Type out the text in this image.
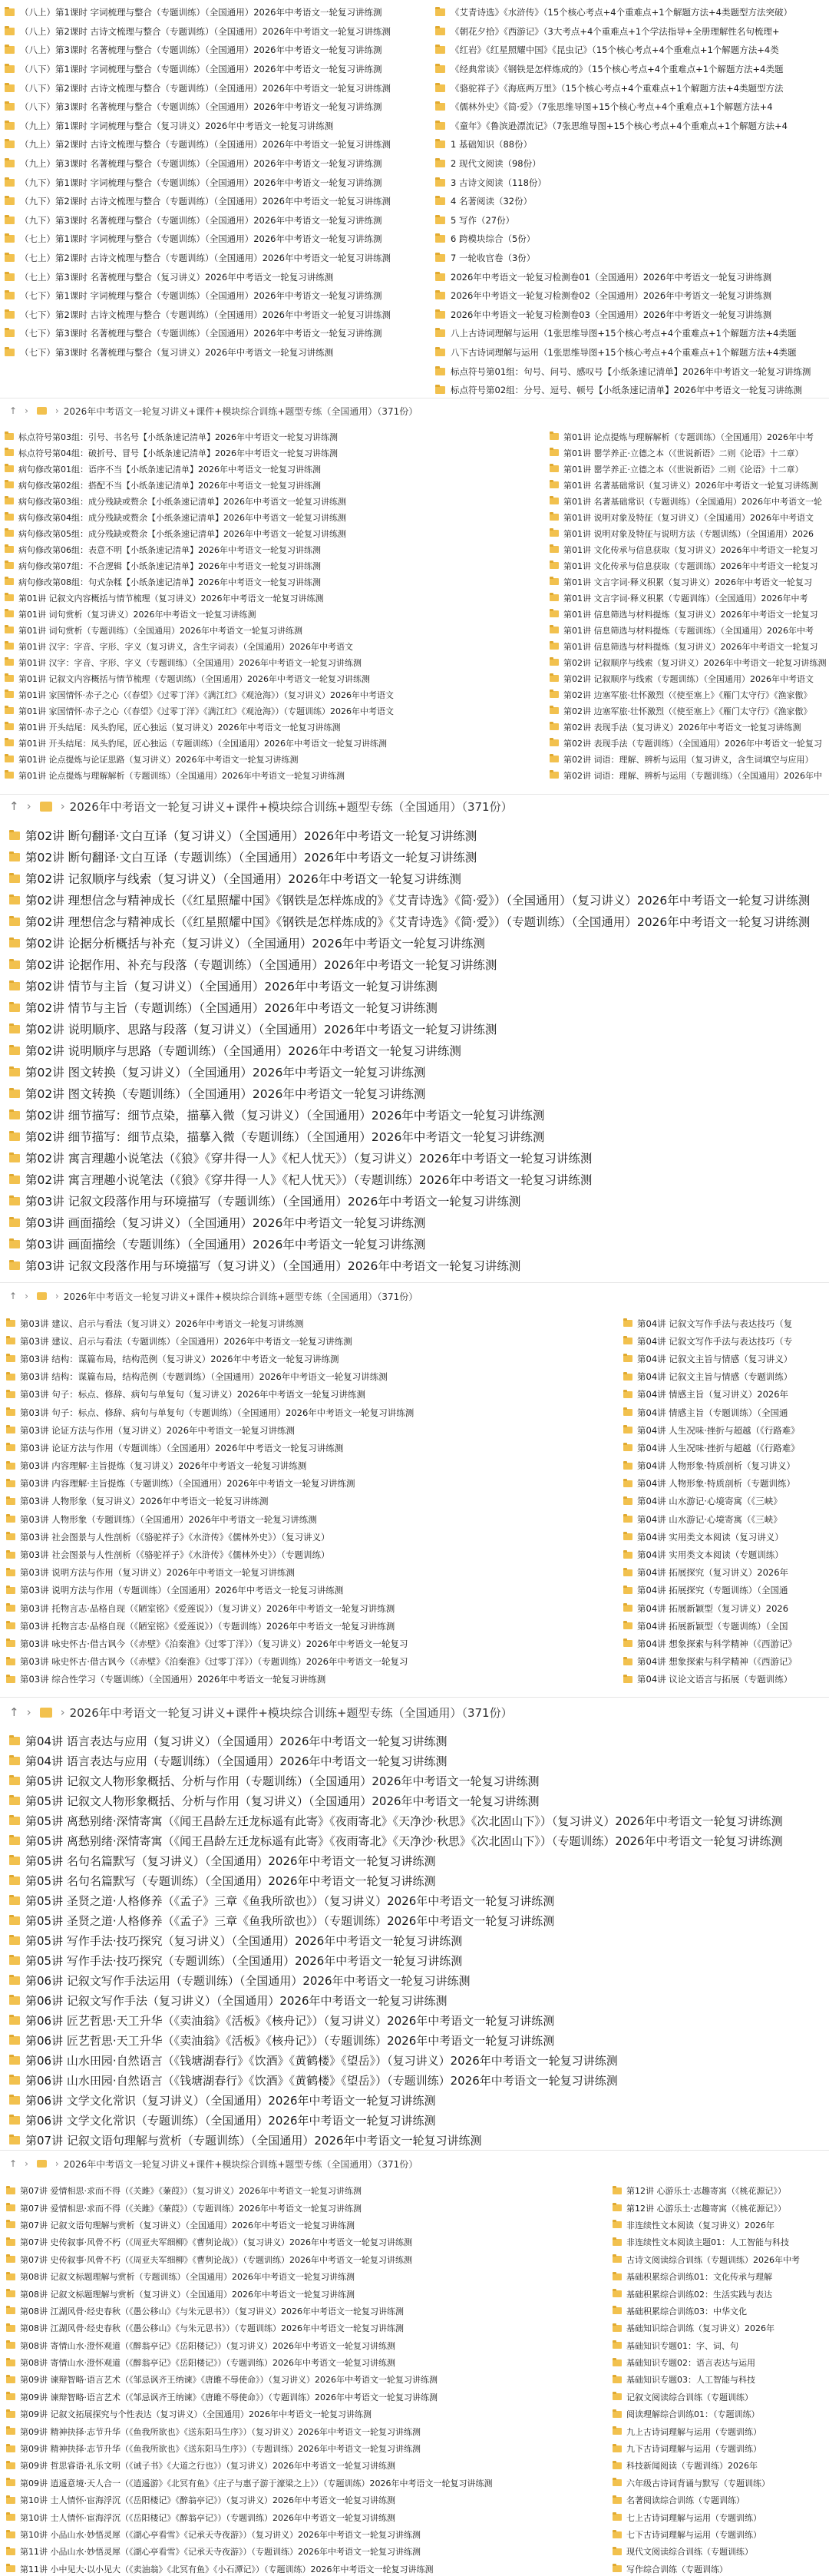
（八上）第1课时 字词梳理与整合（专题训练）（全国通用）2026年中考语文一轮复习讲练测
（八上）第2课时 古诗文梳理与整合（专题训练）（全国通用）2026年中考语文一轮复习讲练测
（八上）第3课时 名著梳理与整合（专题训练）（全国通用）2026年中考语文一轮复习讲练测
（八下）第1课时 字词梳理与整合（专题训练）（全国通用）2026年中考语文一轮复习讲练测
（八下）第2课时 古诗文梳理与整合（专题训练）（全国通用）2026年中考语文一轮复习讲练测
（八下）第3课时 名著梳理与整合（专题训练）（全国通用）2026年中考语文一轮复习讲练测
（九上）第1课时 字词梳理与整合（复习讲义）2026年中考语文一轮复习讲练测
（九上）第2课时 古诗文梳理与整合（专题训练）（全国通用）2026年中考语文一轮复习讲练测
（九上）第3课时 名著梳理与整合（专题训练）（全国通用）2026年中考语文一轮复习讲练测
（九下）第1课时 字词梳理与整合（专题训练）（全国通用）2026年中考语文一轮复习讲练测
（九下）第2课时 古诗文梳理与整合（专题训练）（全国通用）2026年中考语文一轮复习讲练测
（九下）第3课时 名著梳理与整合（专题训练）（全国通用）2026年中考语文一轮复习讲练测
（七上）第1课时 字词梳理与整合（专题训练）（全国通用）2026年中考语文一轮复习讲练测
（七上）第2课时 古诗文梳理与整合（专题训练）（全国通用）2026年中考语文一轮复习讲练测
（七上）第3课时 名著梳理与整合（复习讲义）2026年中考语文一轮复习讲练测
（七下）第1课时 字词梳理与整合（专题训练）（全国通用）2026年中考语文一轮复习讲练测
（七下）第2课时 古诗文梳理与整合（专题训练）（全国通用）2026年中考语文一轮复习讲练测
（七下）第3课时 名著梳理与整合（专题训练）（全国通用）2026年中考语文一轮复习讲练测
（七下）第3课时 名著梳理与整合（复习讲义）2026年中考语文一轮复习讲练测
《艾青诗选》《水浒传》（15个核心考点+4个重难点+1个解题方法+4类题型方法突破）
《朝花夕拾》《西游记》（3大考点+4个重难点+1个学法指导+全册理解性名句梳理+
《红岩》《红星照耀中国》《昆虫记》（15个核心考点+4个重难点+1个解题方法+4类
《经典常谈》《钢铁是怎样炼成的》（15个核心考点+4个重难点+1个解题方法+4类题
《骆驼祥子》《海底两万里》（15个核心考点+4个重难点+1个解题方法+4类题型方法
《儒林外史》《简·爱》（7张思维导图+15个核心考点+4个重难点+1个解题方法+4
《童年》《鲁滨逊漂流记》（7张思维导图+15个核心考点+4个重难点+1个解题方法+4
1 基础知识（88份）
2 现代文阅读（98份）
3 古诗文阅读（118份）
4 名著阅读（32份）
5 写作（27份）
6 跨模块综合（5份）
7 一轮收官卷（3份）
2026年中考语文一轮复习检测卷01（全国通用）2026年中考语文一轮复习讲练测
2026年中考语文一轮复习检测卷02（全国通用）2026年中考语文一轮复习讲练测
2026年中考语文一轮复习检测卷03（全国通用）2026年中考语文一轮复习讲练测
八上古诗词理解与运用（1张思维导图+15个核心考点+4个重难点+1个解题方法+4类题
八下古诗词理解与运用（1张思维导图+15个核心考点+4个重难点+1个解题方法+4类题
标点符号第01组：句号、问号、感叹号【小纸条速记清单】2026年中考语文一轮复习讲练测
标点符号第02组：分号、逗号、顿号【小纸条速记清单】2026年中考语文一轮复习讲练测
↑ ›	› 2026年中考语文一轮复习讲义+课件+模块综合训练+题型专练（全国通用）（371份）
标点符号第03组：引号、书名号【小纸条速记清单】2026年中考语文一轮复习讲练测
标点符号第04组：破折号、冒号【小纸条速记清单】2026年中考语文一轮复习讲练测
病句修改第01组：语序不当【小纸条速记清单】2026年中考语文一轮复习讲练测
病句修改第02组：搭配不当【小纸条速记清单】2026年中考语文一轮复习讲练测
病句修改第03组：成分残缺或赘余【小纸条速记清单】2026年中考语文一轮复习讲练测
病句修改第04组：成分残缺或赘余【小纸条速记清单】2026年中考语文一轮复习讲练测
病句修改第05组：成分残缺或赘余【小纸条速记清单】2026年中考语文一轮复习讲练测
病句修改第06组：表意不明【小纸条速记清单】2026年中考语文一轮复习讲练测
病句修改第07组：不合逻辑【小纸条速记清单】2026年中考语文一轮复习讲练测
病句修改第08组：句式杂糅【小纸条速记清单】2026年中考语文一轮复习讲练测
第01讲 记叙文内容概括与情节梳理（复习讲义）2026年中考语文一轮复习讲练测
第01讲 词句赏析（复习讲义）2026年中考语文一轮复习讲练测
第01讲 词句赏析（专题训练）（全国通用）2026年中考语文一轮复习讲练测
第01讲 汉字：字音、字形、字义（复习讲义，含生字词表）（全国通用）2026年中考语文
第01讲 汉字：字音、字形、字义（专题训练）（全国通用）2026年中考语文一轮复习讲练测
第01讲 记叙文内容概括与情节梳理（专题训练）（全国通用）2026年中考语文一轮复习讲练测
第01讲 家国情怀·赤子之心（《春望》《过零丁洋》《满江红》《观沧海》）（复习讲义）2026年中考语文
第01讲 家国情怀·赤子之心（《春望》《过零丁洋》《满江红》《观沧海》）（专题训练）2026年中考语文
第01讲 开头结尾：凤头豹尾，匠心独运（复习讲义）2026年中考语文一轮复习讲练测
第01讲 开头结尾：凤头豹尾，匠心独运（专题训练）（全国通用）2026年中考语文一轮复习讲练测
第01讲 论点提炼与论证思路（复习讲义）2026年中考语文一轮复习讲练测
第01讲 论点提炼与理解解析（专题训练）（全国通用）2026年中考语文一轮复习讲练测
第01讲 论点提炼与理解解析（专题训练）（全国通用）2026年中考
第01讲 罂学养正·立德之本（《世说新语》二则《论语》十二章）
第01讲 罂学养正·立德之本（《世说新语》二则《论语》十二章）
第01讲 名著基础常识（复习讲义）2026年中考语文一轮复习讲练测
第01讲 名著基础常识（专题训练）（全国通用）2026年中考语文一轮
第01讲 说明对象及特征（复习讲义）（全国通用）2026年中考语文
第01讲 说明对象及特征与说明方法（专题训练）（全国通用）2026
第01讲 文化传承与信息获取（复习讲义）2026年中考语文一轮复习
第01讲 文化传承与信息获取（专题训练）2026年中考语文一轮复习
第01讲 文言字词·释义积累（复习讲义）2026年中考语文一轮复习
第01讲 文言字词·释义积累（专题训练）（全国通用）2026年中考
第01讲 信息筛选与材料提炼（复习讲义）2026年中考语文一轮复习
第01讲 信息筛选与材料提炼（专题训练）（全国通用）2026年中考
第01讲 信息筛选与材料提炼（复习讲义）2026年中考语文一轮复习
第02讲 记叙顺序与线索（复习讲义）2026年中考语文一轮复习讲练测
第02讲 记叙顺序与线索（专题训练）（全国通用）2026年中考语文
第02讲 边塞军旅·壮怀激烈（《使至塞上》《雁门太守行》《渔家傲》
第02讲 边塞军旅·壮怀激烈（《使至塞上》《雁门太守行》《渔家傲》
第02讲 表现手法（复习讲义）2026年中考语文一轮复习讲练测
第02讲 表现手法（专题训练）（全国通用）2026年中考语文一轮复习
第02讲 词语：理解、辨析与运用（复习讲义，含生词填空与应用）
第02讲 词语：理解、辨析与运用（专题训练）（全国通用）2026年中
↑ ›	› 2026年中考语文一轮复习讲义+课件+模块综合训练+题型专练（全国通用）（371份）
第02讲 断句翻译·文白互译（复习讲义）（全国通用）2026年中考语文一轮复习讲练测
第02讲 断句翻译·文白互译（专题训练）（全国通用）2026年中考语文一轮复习讲练测
第02讲 记叙顺序与线索（复习讲义）（全国通用）2026年中考语文一轮复习讲练测
第02讲 理想信念与精神成长（《红星照耀中国》《钢铁是怎样炼成的》《艾青诗选》《简·爱》）（全国通用）（复习讲义）2026年中考语文一轮复习讲练测
第02讲 理想信念与精神成长（《红星照耀中国》《钢铁是怎样炼成的》《艾青诗选》《简·爱》）（专题训练）（全国通用）2026年中考语文一轮复习讲练测
第02讲 论据分析概括与补充（复习讲义）（全国通用）2026年中考语文一轮复习讲练测
第02讲 论据作用、补充与段落（专题训练）（全国通用）2026年中考语文一轮复习讲练测
第02讲 情节与主旨（复习讲义）（全国通用）2026年中考语文一轮复习讲练测
第02讲 情节与主旨（专题训练）（全国通用）2026年中考语文一轮复习讲练测
第02讲 说明顺序、思路与段落（复习讲义）（全国通用）2026年中考语文一轮复习讲练测
第02讲 说明顺序与思路（专题训练）（全国通用）2026年中考语文一轮复习讲练测
第02讲 图文转换（复习讲义）（全国通用）2026年中考语文一轮复习讲练测
第02讲 图文转换（专题训练）（全国通用）2026年中考语文一轮复习讲练测
第02讲 细节描写：细节点染，描摹入微（复习讲义）（全国通用）2026年中考语文一轮复习讲练测
第02讲 细节描写：细节点染，描摹入微（专题训练）（全国通用）2026年中考语文一轮复习讲练测
第02讲 寓言理趣小说笔法（《狼》《穿井得一人》《杞人忧天》）（复习讲义）2026年中考语文一轮复习讲练测
第02讲 寓言理趣小说笔法（《狼》《穿井得一人》《杞人忧天》）（专题训练）2026年中考语文一轮复习讲练测
第03讲 记叙文段落作用与环境描写（专题训练）（全国通用）2026年中考语文一轮复习讲练测
第03讲 画面描绘（复习讲义）（全国通用）2026年中考语文一轮复习讲练测
第03讲 画面描绘（专题训练）（全国通用）2026年中考语文一轮复习讲练测
第03讲 记叙文段落作用与环境描写（复习讲义）（全国通用）2026年中考语文一轮复习讲练测
↑ ›	› 2026年中考语文一轮复习讲义+课件+模块综合训练+题型专练（全国通用）（371份）
第03讲 建议、启示与看法（复习讲义）2026年中考语文一轮复习讲练测
第03讲 建议、启示与看法（专题训练）（全国通用）2026年中考语文一轮复习讲练测
第03讲 结构：谋篇布局，结构范例（复习讲义）2026年中考语文一轮复习讲练测
第03讲 结构：谋篇布局，结构范例（专题训练）（全国通用）2026年中考语文一轮复习讲练测
第03讲 句子：标点、修辞、病句与单复句（复习讲义）2026年中考语文一轮复习讲练测
第03讲 句子：标点、修辞、病句与单复句（专题训练）（全国通用）2026年中考语文一轮复习讲练测
第03讲 论证方法与作用（复习讲义）2026年中考语文一轮复习讲练测
第03讲 论证方法与作用（专题训练）（全国通用）2026年中考语文一轮复习讲练测
第03讲 内容理解·主旨提炼（复习讲义）2026年中考语文一轮复习讲练测
第03讲 内容理解·主旨提炼（专题训练）（全国通用）2026年中考语文一轮复习讲练测
第03讲 人物形象（复习讲义）2026年中考语文一轮复习讲练测
第03讲 人物形象（专题训练）（全国通用）2026年中考语文一轮复习讲练测
第03讲 社会图景与人性剖析（《骆驼祥子》《水浒传》《儒林外史》）（复习讲义）
第03讲 社会图景与人性剖析（《骆驼祥子》《水浒传》《儒林外史》）（专题训练）
第03讲 说明方法与作用（复习讲义）2026年中考语文一轮复习讲练测
第03讲 说明方法与作用（专题训练）（全国通用）2026年中考语文一轮复习讲练测
第03讲 托物言志·品格自现（《陋室铭》《爱莲说》）（复习讲义）2026年中考语文一轮复习讲练测
第03讲 托物言志·品格自现（《陋室铭》《爱莲说》）（专题训练）2026年中考语文一轮复习讲练测
第03讲 咏史怀古·借古讽今（《赤壁》《泊秦淮》《过零丁洋》）（复习讲义）2026年中考语文一轮复习
第03讲 咏史怀古·借古讽今（《赤壁》《泊秦淮》《过零丁洋》）（专题训练）2026年中考语文一轮复习
第03讲 综合性学习（专题训练）（全国通用）2026年中考语文一轮复习讲练测
第04讲 记叙文写作手法与表达技巧（复
第04讲 记叙文写作手法与表达技巧（专
第04讲 记叙文主旨与情感（复习讲义）
第04讲 记叙文主旨与情感（专题训练）
第04讲 情感主旨（复习讲义）2026年
第04讲 情感主旨（专题训练）（全国通
第04讲 人生况味·挫折与超越（《行路难》
第04讲 人生况味·挫折与超越（《行路难》
第04讲 人物形象·特质剖析（复习讲义）
第04讲 人物形象·特质剖析（专题训练）
第04讲 山水游记·心境寄寓（《三峡》
第04讲 山水游记·心境寄寓（《三峡》
第04讲 实用类文本阅读（复习讲义）
第04讲 实用类文本阅读（专题训练）
第04讲 拓展探究（复习讲义）2026年
第04讲 拓展探究（专题训练）（全国通
第04讲 拓展新颖型（复习讲义）2026
第04讲 拓展新颖型（专题训练）（全国
第04讲 想象探索与科学精神（《西游记》
第04讲 想象探索与科学精神（《西游记》
第04讲 议论文语言与拓展（专题训练）
↑ ›	› 2026年中考语文一轮复习讲义+课件+模块综合训练+题型专练（全国通用）（371份）
第04讲 语言表达与应用（复习讲义）（全国通用）2026年中考语文一轮复习讲练测
第04讲 语言表达与应用（专题训练）（全国通用）2026年中考语文一轮复习讲练测
第05讲 记叙文人物形象概括、分析与作用（专题训练）（全国通用）2026年中考语文一轮复习讲练测
第05讲 记叙文人物形象概括、分析与作用（复习讲义）（全国通用）2026年中考语文一轮复习讲练测
第05讲 离愁别绪·深情寄寓（《闻王昌龄左迁龙标遥有此寄》《夜雨寄北》《天净沙·秋思》《次北固山下》）（复习讲义）2026年中考语文一轮复习讲练测
第05讲 离愁别绪·深情寄寓（《闻王昌龄左迁龙标遥有此寄》《夜雨寄北》《天净沙·秋思》《次北固山下》）（专题训练）2026年中考语文一轮复习讲练测
第05讲 名句名篇默写（复习讲义）（全国通用）2026年中考语文一轮复习讲练测
第05讲 名句名篇默写（专题训练）（全国通用）2026年中考语文一轮复习讲练测
第05讲 圣贤之道·人格修养（《孟子》三章《鱼我所欲也》）（复习讲义）2026年中考语文一轮复习讲练测
第05讲 圣贤之道·人格修养（《孟子》三章《鱼我所欲也》）（专题训练）2026年中考语文一轮复习讲练测
第05讲 写作手法·技巧探究（复习讲义）（全国通用）2026年中考语文一轮复习讲练测
第05讲 写作手法·技巧探究（专题训练）（全国通用）2026年中考语文一轮复习讲练测
第06讲 记叙文写作手法运用（专题训练）（全国通用）2026年中考语文一轮复习讲练测
第06讲 记叙文写作手法（复习讲义）（全国通用）2026年中考语文一轮复习讲练测
第06讲 匠艺哲思·天工升华（《卖油翁》《活板》《核舟记》）（复习讲义）2026年中考语文一轮复习讲练测
第06讲 匠艺哲思·天工升华（《卖油翁》《活板》《核舟记》）（专题训练）2026年中考语文一轮复习讲练测
第06讲 山水田园·自然语言（《钱塘湖春行》《饮酒》《黄鹤楼》《望岳》）（复习讲义）2026年中考语文一轮复习讲练测
第06讲 山水田园·自然语言（《钱塘湖春行》《饮酒》《黄鹤楼》《望岳》）（专题训练）2026年中考语文一轮复习讲练测
第06讲 文学文化常识（复习讲义）（全国通用）2026年中考语文一轮复习讲练测
第06讲 文学文化常识（专题训练）（全国通用）2026年中考语文一轮复习讲练测
第07讲 记叙文语句理解与赏析（专题训练）（全国通用）2026年中考语文一轮复习讲练测
↑ ›	› 2026年中考语文一轮复习讲义+课件+模块综合训练+题型专练（全国通用）（371份）
第07讲 爱情相思·求而不得（《关雎》《蒹葭》）（复习讲义）2026年中考语文一轮复习讲练测
第07讲 爱情相思·求而不得（《关雎》《蒹葭》）（专题训练）2026年中考语文一轮复习讲练测
第07讲 记叙文语句理解与赏析（复习讲义）（全国通用）2026年中考语文一轮复习讲练测
第07讲 史传叙事·风骨不朽（《周亚夫军细柳》《曹刿论战》）（复习讲义）2026年中考语文一轮复习讲练测
第07讲 史传叙事·风骨不朽（《周亚夫军细柳》《曹刿论战》）（专题训练）2026年中考语文一轮复习讲练测
第08讲 记叙文标题理解与赏析（专题训练）（全国通用）2026年中考语文一轮复习讲练测
第08讲 记叙文标题理解与赏析（复习讲义）（全国通用）2026年中考语文一轮复习讲练测
第08讲 江湖风骨·经史春秋（《愚公移山》《与朱元思书》）（复习讲义）2026年中考语文一轮复习讲练测
第08讲 江湖风骨·经史春秋（《愚公移山》《与朱元思书》）（专题训练）2026年中考语文一轮复习讲练测
第08讲 寄情山水·澄怀观道（《醉翁亭记》《岳阳楼记》）（复习讲义）2026年中考语文一轮复习讲练测
第08讲 寄情山水·澄怀观道（《醉翁亭记》《岳阳楼记》）（专题训练）2026年中考语文一轮复习讲练测
第09讲 谏辩智略·语言艺术（《邹忌讽齐王纳谏》《唐雎不辱使命》）（复习讲义）2026年中考语文一轮复习讲练测
第09讲 谏辩智略·语言艺术（《邹忌讽齐王纳谏》《唐雎不辱使命》）（专题训练）2026年中考语文一轮复习讲练测
第09讲 记叙文拓展探究与个性表达（复习讲义）（全国通用）2026年中考语文一轮复习讲练测
第09讲 精神抉择·志节升华（《鱼我所欲也》《送东阳马生序》）（复习讲义）2026年中考语文一轮复习讲练测
第09讲 精神抉择·志节升华（《鱼我所欲也》《送东阳马生序》）（专题训练）2026年中考语文一轮复习讲练测
第09讲 哲思睿语·礼乐文明（《诫子书》《大道之行也》）（复习讲义）2026年中考语文一轮复习讲练测
第09讲 逍遥意境·天人合一（《逍遥游》《北冥有鱼》《庄子与惠子游于濠梁之上》）（专题训练）2026年中考语文一轮复习讲练测
第10讲 士人情怀·宦海浮沉（《岳阳楼记》《醉翁亭记》）（复习讲义）2026年中考语文一轮复习讲练测
第10讲 士人情怀·宦海浮沉（《岳阳楼记》《醉翁亭记》）（专题训练）2026年中考语文一轮复习讲练测
第10讲 小品山水·妙悟灵犀（《湖心亭看雪》《记承天寺夜游》）（复习讲义）2026年中考语文一轮复习讲练测
第11讲 小品山水·妙悟灵犀（《湖心亭看雪》《记承天寺夜游》）（专题训练）2026年中考语文一轮复习讲练测
第11讲 小中见大·以小见大（《卖油翁》《北冥有鱼》《小石潭记》）（专题训练）2026年中考语文一轮复习讲练测
第12讲 心游乐土·志趣寄寓（《桃花源记》）
第12讲 心游乐土·志趣寄寓（《桃花源记》）
非连续性文本阅读（复习讲义）2026年
非连续性文本阅读主题01：人工智能与科技
古诗文阅读综合训练（专题训练）2026年中考
基础积累综合训练01：文化传承与理解
基础积累综合训练02：生活实践与表达
基础积累综合训练03：中华文化
基础知识综合训练（复习讲义）2026年
基础知识专题01：字、词、句
基础知识专题02：语言表达与运用
基础知识专题03：人工智能与科技
记叙文阅读综合训练（专题训练）
阅读理解综合训练01：（专题训练）
九上古诗词理解与运用（专题训练）
九下古诗词理解与运用（专题训练）
科技新闻阅读（专题训练）2026年
六年级古诗词背诵与默写（专题训练）
名著阅读综合训练（专题训练）
七上古诗词理解与运用（专题训练）
七下古诗词理解与运用（专题训练）
现代文阅读综合训练（专题训练）
写作综合训练（专题训练）
